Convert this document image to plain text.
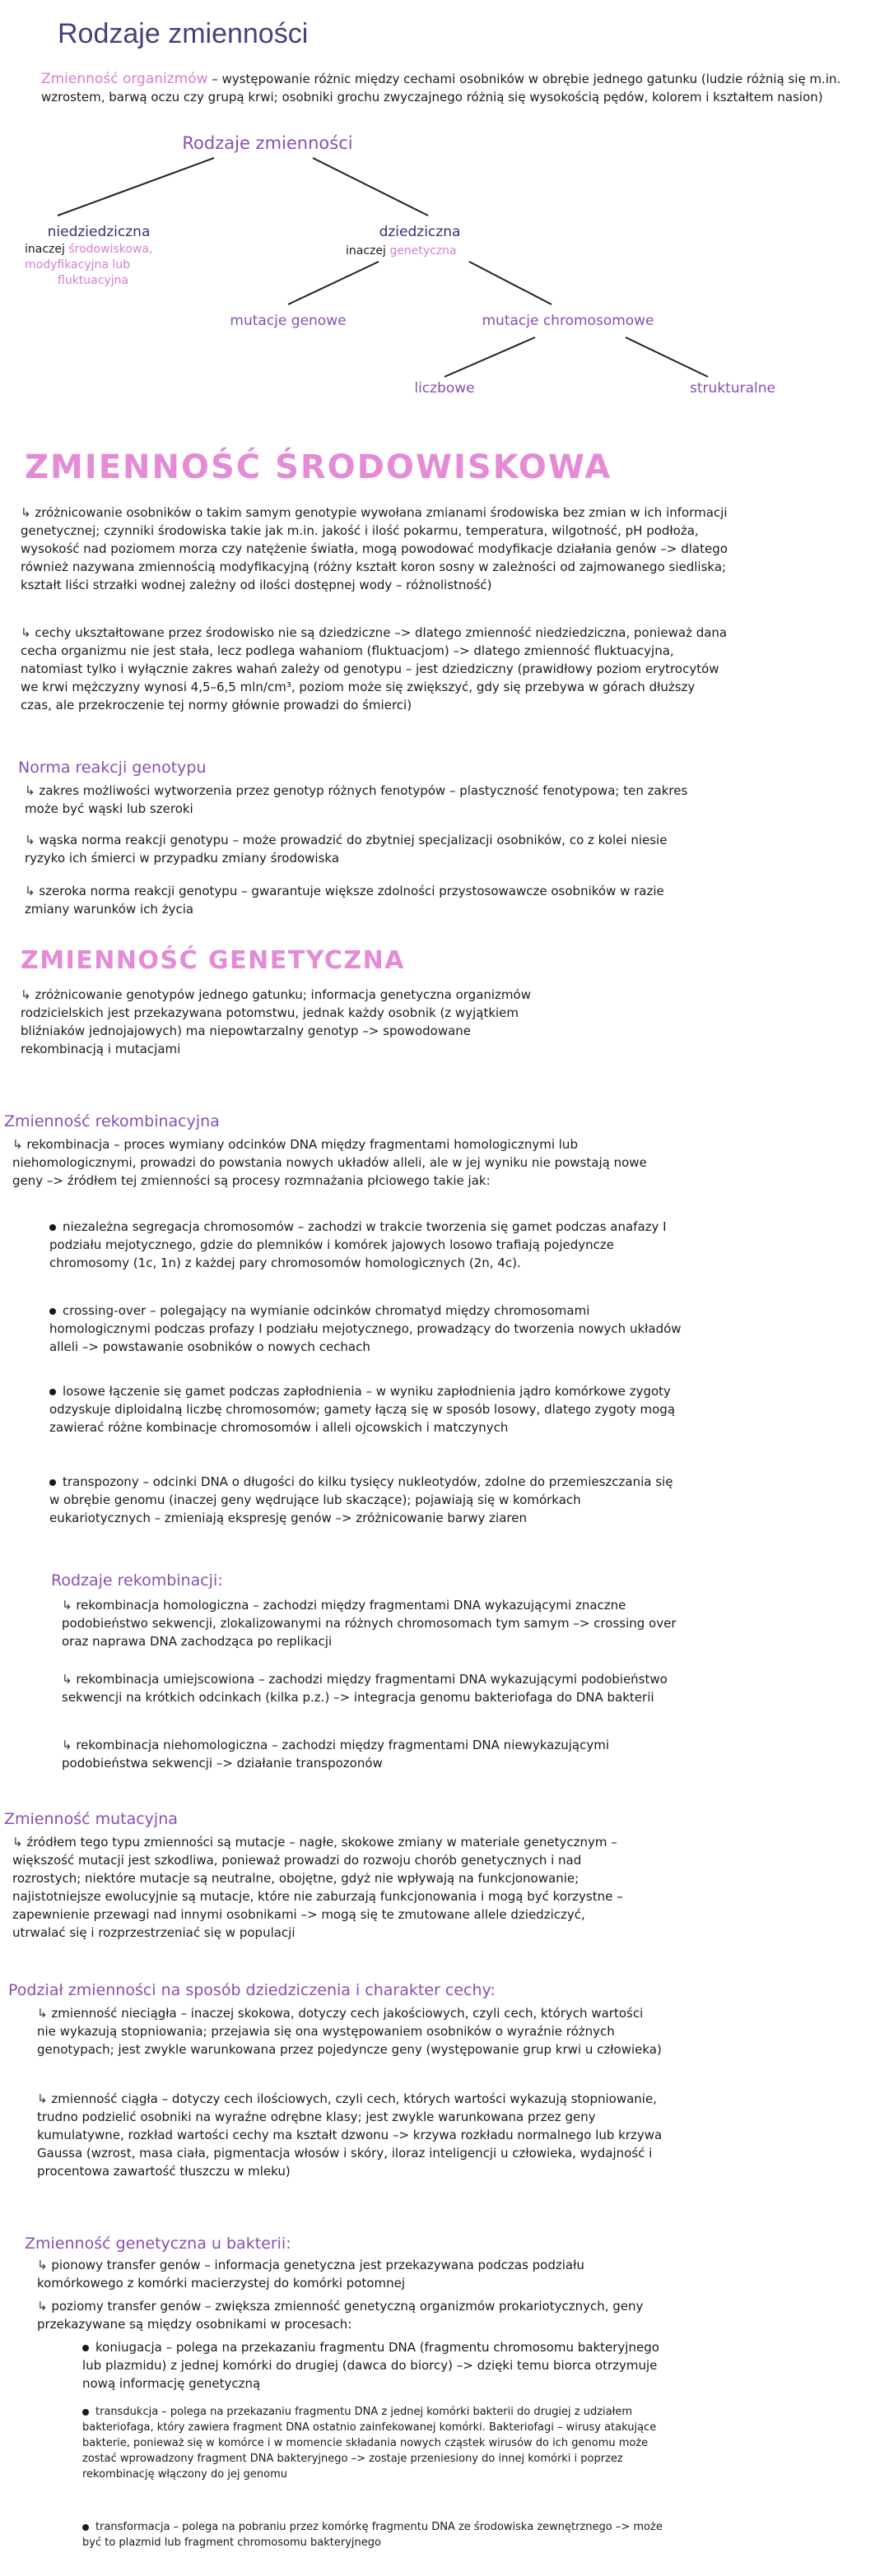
Rodzaje zmienności
Zmienność organizmów – występowanie różnic między cechami osobników w obrębie jednego gatunku (ludzie różnią się m.in. wzrostem, barwą oczu czy grupą krwi; osobniki grochu zwyczajnego różnią się wysokością pędów, kolorem i kształtem nasion)
Rodzaje zmienności
niedziedziczna
inaczej środowiskowa,
modyfikacyjna lub
fluktuacyjna
dziedziczna
inaczej genetyczna
mutacje genowe	mutacje chromosomowe
liczbowe	strukturalne
ZMIENNOŚĆ ŚRODOWISKOWA
↳ zróżnicowanie osobników o takim samym genotypie wywołana zmianami środowiska bez zmian w ich informacji genetycznej; czynniki środowiska takie jak m.in. jakość i ilość pokarmu, temperatura, wilgotność, pH podłoża, wysokość nad poziomem morza czy natężenie światła, mogą powodować modyfikacje działania genów –> dlatego również nazywana zmiennością modyfikacyjną (różny kształt koron sosny w zależności od zajmowanego siedliska; kształt liści strzałki wodnej zależny od ilości dostępnej wody – różnolistność)
↳ cechy ukształtowane przez środowisko nie są dziedziczne –> dlatego zmienność niedziedziczna, ponieważ dana cecha organizmu nie jest stała, lecz podlega wahaniom (fluktuacjom) –> dlatego zmienność fluktuacyjna, natomiast tylko i wyłącznie zakres wahań zależy od genotypu – jest dziedziczny (prawidłowy poziom erytrocytów we krwi mężczyzny wynosi 4,5–6,5 mln/cm³, poziom może się zwiększyć, gdy się przebywa w górach dłuższy czas, ale przekroczenie tej normy głównie prowadzi do śmierci)
Norma reakcji genotypu
↳ zakres możliwości wytworzenia przez genotyp różnych fenotypów – plastyczność fenotypowa; ten zakres może być wąski lub szeroki
↳ wąska norma reakcji genotypu – może prowadzić do zbytniej specjalizacji osobników, co z kolei niesie ryzyko ich śmierci w przypadku zmiany środowiska
↳ szeroka norma reakcji genotypu – gwarantuje większe zdolności przystosowawcze osobników w razie zmiany warunków ich życia
ZMIENNOŚĆ GENETYCZNA
↳ zróżnicowanie genotypów jednego gatunku; informacja genetyczna organizmów rodzicielskich jest przekazywana potomstwu, jednak każdy osobnik (z wyjątkiem bliźniaków jednojajowych) ma niepowtarzalny genotyp –> spowodowane rekombinacją i mutacjami
Zmienność rekombinacyjna
↳ rekombinacja – proces wymiany odcinków DNA między fragmentami homologicznymi lub niehomologicznymi, prowadzi do powstania nowych układów alleli, ale w jej wyniku nie powstają nowe geny –> źródłem tej zmienności są procesy rozmnażania płciowego takie jak:
niezależna segregacja chromosomów – zachodzi w trakcie tworzenia się gamet podczas anafazy I podziału mejotycznego, gdzie do plemników i komórek jajowych losowo trafiają pojedyncze chromosomy (1c, 1n) z każdej pary chromosomów homologicznych (2n, 4c).
crossing-over – polegający na wymianie odcinków chromatyd między chromosomami homologicznymi podczas profazy I podziału mejotycznego, prowadzący do tworzenia nowych układów alleli –> powstawanie osobników o nowych cechach
losowe łączenie się gamet podczas zapłodnienia – w wyniku zapłodnienia jądro komórkowe zygoty odzyskuje diploidalną liczbę chromosomów; gamety łączą się w sposób losowy, dlatego zygoty mogą zawierać różne kombinacje chromosomów i alleli ojcowskich i matczynych
transpozony – odcinki DNA o długości do kilku tysięcy nukleotydów, zdolne do przemieszczania się w obrębie genomu (inaczej geny wędrujące lub skaczące); pojawiają się w komórkach eukariotycznych – zmieniają ekspresję genów –> zróżnicowanie barwy ziaren
Rodzaje rekombinacji:
↳ rekombinacja homologiczna – zachodzi między fragmentami DNA wykazującymi znaczne podobieństwo sekwencji, zlokalizowanymi na różnych chromosomach tym samym –> crossing over oraz naprawa DNA zachodząca po replikacji
↳ rekombinacja umiejscowiona – zachodzi między fragmentami DNA wykazującymi podobieństwo sekwencji na krótkich odcinkach (kilka p.z.) –> integracja genomu bakteriofaga do DNA bakterii
↳ rekombinacja niehomologiczna – zachodzi między fragmentami DNA niewykazującymi podobieństwa sekwencji –> działanie transpozonów
Zmienność mutacyjna
↳ źródłem tego typu zmienności są mutacje – nagłe, skokowe zmiany w materiale genetycznym – większość mutacji jest szkodliwa, ponieważ prowadzi do rozwoju chorób genetycznych i nad rozrostych; niektóre mutacje są neutralne, obojętne, gdyż nie wpływają na funkcjonowanie; najistotniejsze ewolucyjnie są mutacje, które nie zaburzają funkcjonowania i mogą być korzystne – zapewnienie przewagi nad innymi osobnikami –> mogą się te zmutowane allele dziedziczyć, utrwalać się i rozprzestrzeniać się w populacji
Podział zmienności na sposób dziedziczenia i charakter cechy:
↳ zmienność nieciągła – inaczej skokowa, dotyczy cech jakościowych, czyli cech, których wartości nie wykazują stopniowania; przejawia się ona występowaniem osobników o wyraźnie różnych genotypach; jest zwykle warunkowana przez pojedyncze geny (występowanie grup krwi u człowieka)
↳ zmienność ciągła – dotyczy cech ilościowych, czyli cech, których wartości wykazują stopniowanie, trudno podzielić osobniki na wyraźne odrębne klasy; jest zwykle warunkowana przez geny kumulatywne, rozkład wartości cechy ma kształt dzwonu –> krzywa rozkładu normalnego lub krzywa Gaussa (wzrost, masa ciała, pigmentacja włosów i skóry, iloraz inteligencji u człowieka, wydajność i procentowa zawartość tłuszczu w mleku)
Zmienność genetyczna u bakterii:
↳ pionowy transfer genów – informacja genetyczna jest przekazywana podczas podziału komórkowego z komórki macierzystej do komórki potomnej
↳ poziomy transfer genów – zwiększa zmienność genetyczną organizmów prokariotycznych, geny przekazywane są między osobnikami w procesach:
koniugacja – polega na przekazaniu fragmentu DNA (fragmentu chromosomu bakteryjnego lub plazmidu) z jednej komórki do drugiej (dawca do biorcy) –> dzięki temu biorca otrzymuje nową informację genetyczną
transdukcja – polega na przekazaniu fragmentu DNA z jednej komórki bakterii do drugiej z udziałem bakteriofaga, który zawiera fragment DNA ostatnio zainfekowanej komórki. Bakteriofagi – wirusy atakujące bakterie, ponieważ się w komórce i w momencie składania nowych cząstek wirusów do ich genomu może zostać wprowadzony fragment DNA bakteryjnego –> zostaje przeniesiony do innej komórki i poprzez rekombinację włączony do jej genomu
transformacja – polega na pobraniu przez komórkę fragmentu DNA ze środowiska zewnętrznego –> może być to plazmid lub fragment chromosomu bakteryjnego
